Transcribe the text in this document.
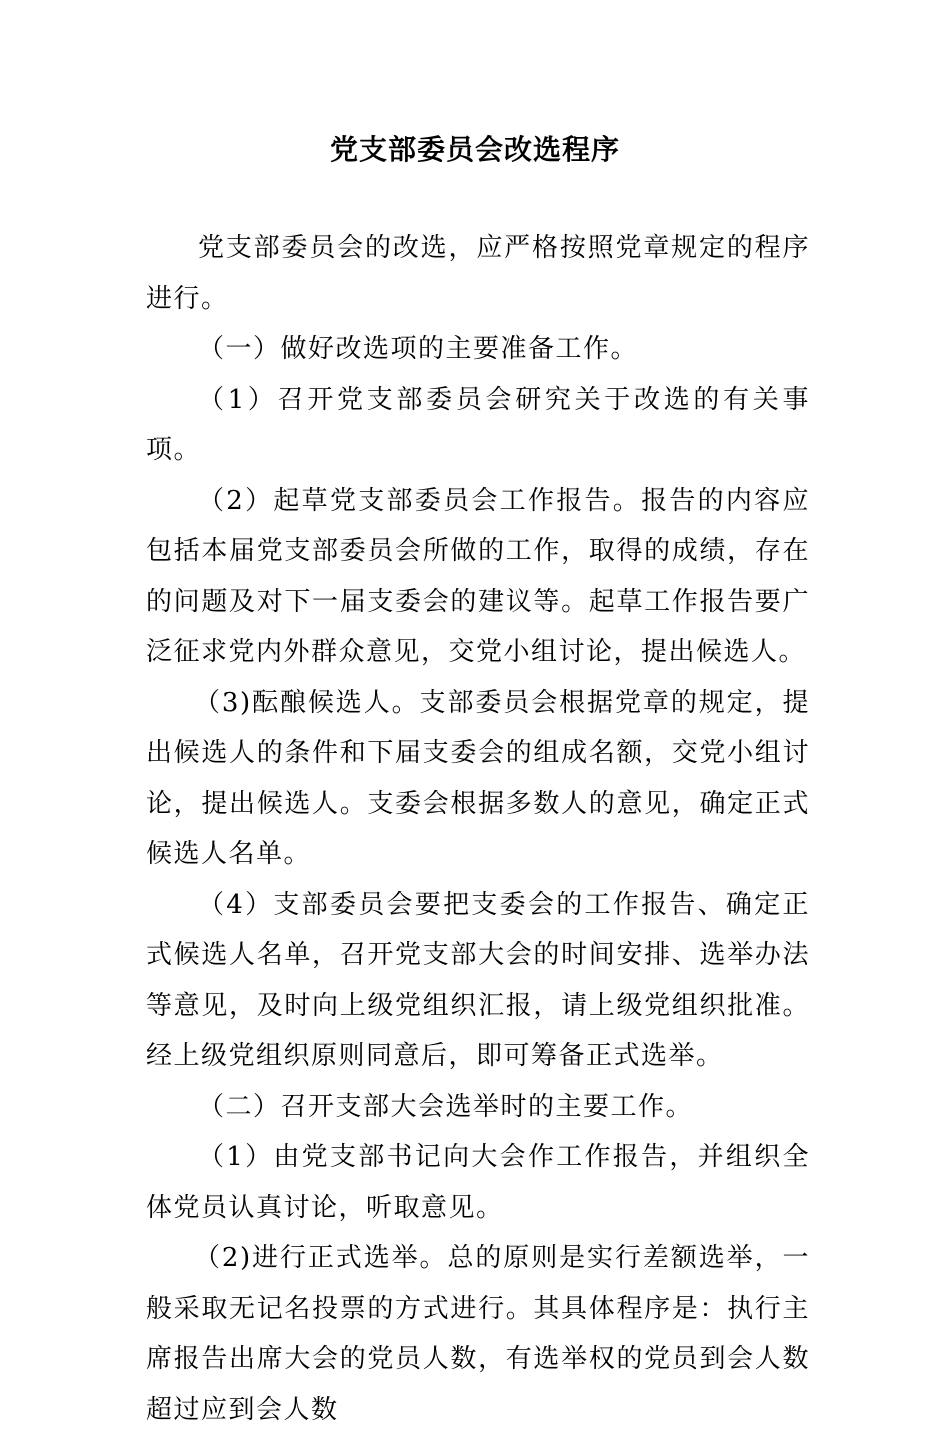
党支部委员会改选程序

党支部委员会的改选，应严格按照党章规定的程序进行。

（一）做好改选项的主要准备工作。

（1）召开党支部委员会研究关于改选的有关事项。

（2）起草党支部委员会工作报告。报告的内容应包括本届党支部委员会所做的工作，取得的成绩，存在的问题及对下一届支委会的建议等。起草工作报告要广泛征求党内外群众意见，交党小组讨论，提出候选人。

（3)酝酿候选人。支部委员会根据党章的规定，提出候选人的条件和下届支委会的组成名额，交党小组讨论，提出候选人。支委会根据多数人的意见，确定正式候选人名单。

（4）支部委员会要把支委会的工作报告、确定正式候选人名单，召开党支部大会的时间安排、选举办法等意见，及时向上级党组织汇报，请上级党组织批准。经上级党组织原则同意后，即可筹备正式选举。

（二）召开支部大会选举时的主要工作。

（1）由党支部书记向大会作工作报告，并组织全体党员认真讨论，听取意见。

（2)进行正式选举。总的原则是实行差额选举，一般采取无记名投票的方式进行。其具体程序是：执行主席报告出席大会的党员人数，有选举权的党员到会人数超过应到会人数
